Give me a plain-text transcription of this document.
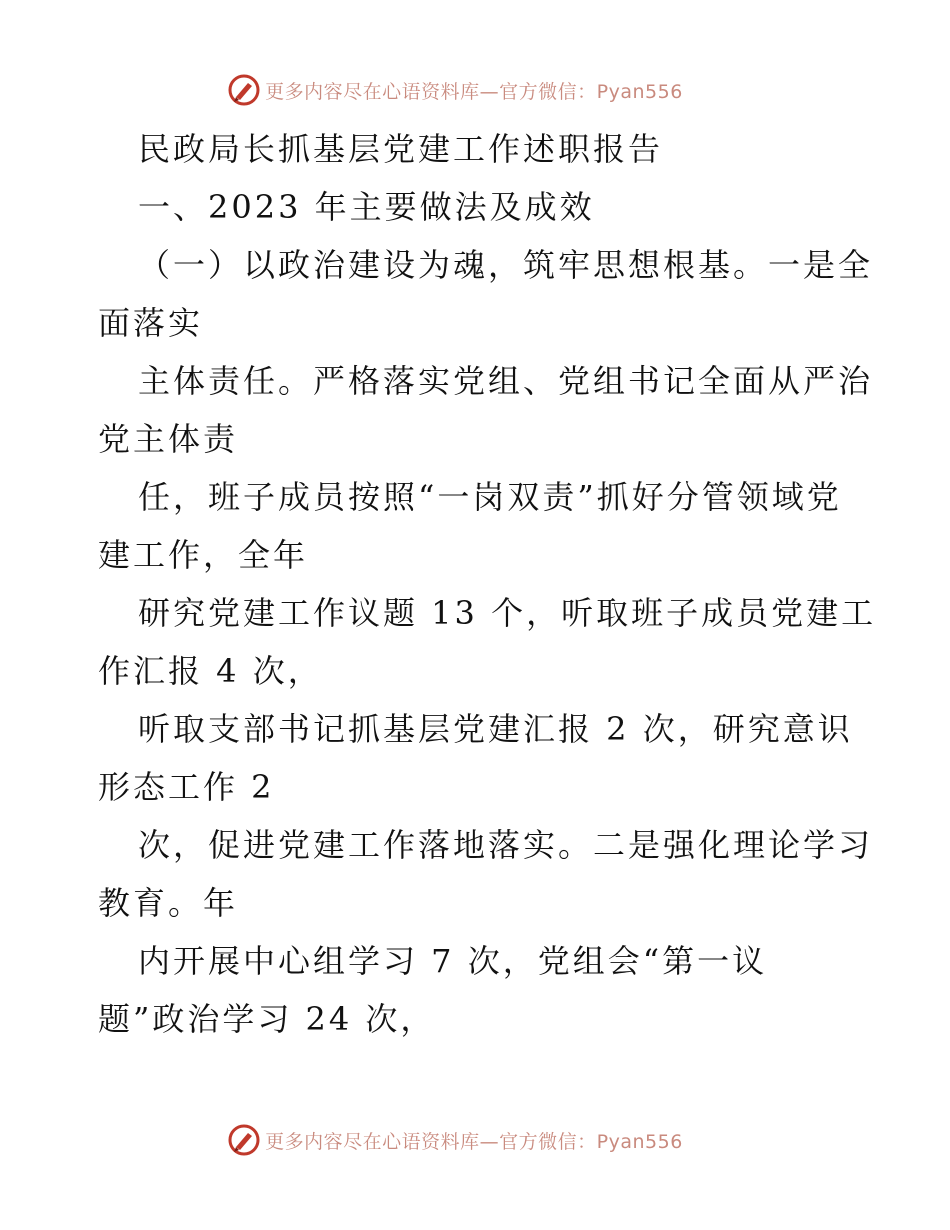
更多内容尽在心语资料库—官方微信：Pyan556
民政局长抓基层党建工作述职报告
一、2023 年主要做法及成效
（一）以政治建设为魂，筑牢思想根基。一是全
面落实
主体责任。严格落实党组、党组书记全面从严治
党主体责
任，班子成员按照“一岗双责”抓好分管领域党
建工作，全年
研究党建工作议题 13 个，听取班子成员党建工
作汇报 4 次，
听取支部书记抓基层党建汇报 2 次，研究意识
形态工作 2
次，促进党建工作落地落实。二是强化理论学习
教育。年
内开展中心组学习 7 次，党组会“第一议
题”政治学习 24 次，
更多内容尽在心语资料库—官方微信：Pyan556
